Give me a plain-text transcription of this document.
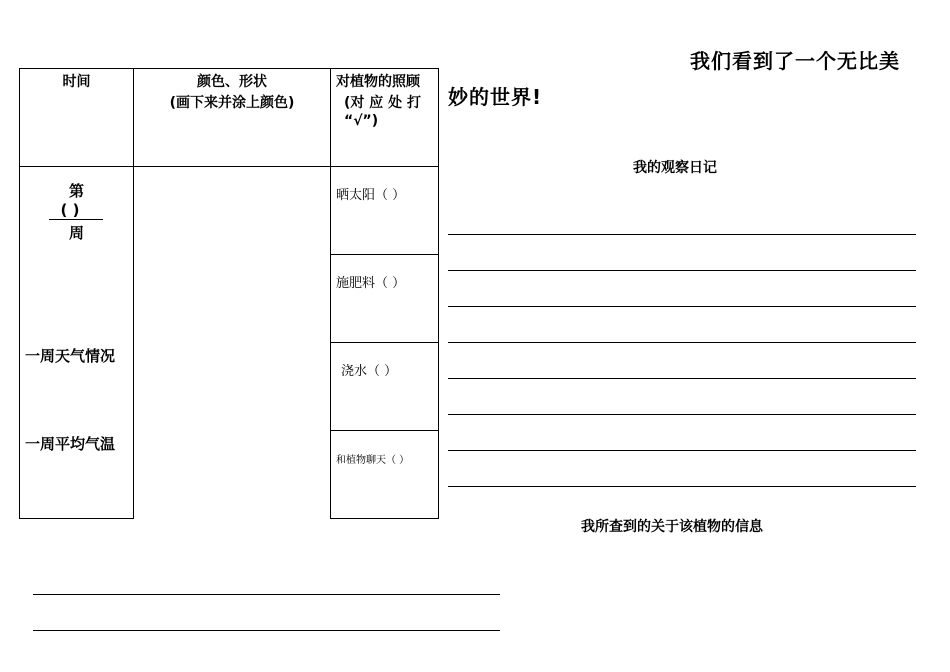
我们看到了一个无比美
妙的世界!
时间	颜色、形状
(画下来并涂上颜色)
对植物的照顾
(对 应 处 打
“√”)
第
( )
周
一周天气情况
一周平均气温
晒太阳（ ）
施肥料（ ）
浇水（ ）
和植物聊天（ ）
我的观察日记
我所查到的关于该植物的信息
